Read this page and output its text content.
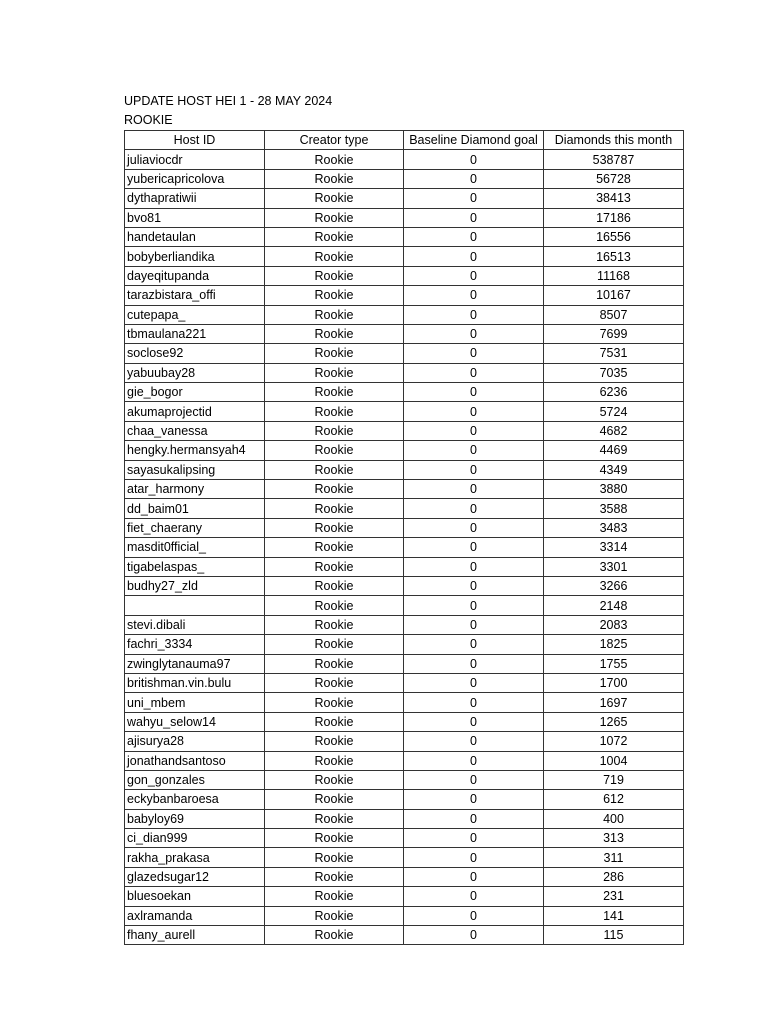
UPDATE HOST HEI 1 - 28 MAY 2024
ROOKIE
Host ID	Creator type	Baseline Diamond goal	Diamonds this month
juliaviocdr	Rookie	0	538787
yubericapricolova	Rookie	0	56728
dythapratiwii	Rookie	0	38413
bvo81	Rookie	0	17186
handetaulan	Rookie	0	16556
bobyberliandika	Rookie	0	16513
dayeqitupanda	Rookie	0	11168
tarazbistara_offi	Rookie	0	10167
cutepapa_	Rookie	0	8507
tbmaulana221	Rookie	0	7699
soclose92	Rookie	0	7531
yabuubay28	Rookie	0	7035
gie_bogor	Rookie	0	6236
akumaprojectid	Rookie	0	5724
chaa_vanessa	Rookie	0	4682
hengky.hermansyah4	Rookie	0	4469
sayasukalipsing	Rookie	0	4349
atar_harmony	Rookie	0	3880
dd_baim01	Rookie	0	3588
fiet_chaerany	Rookie	0	3483
masdit0fficial_	Rookie	0	3314
tigabelaspas_	Rookie	0	3301
budhy27_zld	Rookie	0	3266
	Rookie	0	2148
stevi.dibali	Rookie	0	2083
fachri_3334	Rookie	0	1825
zwinglytanauma97	Rookie	0	1755
britishman.vin.bulu	Rookie	0	1700
uni_mbem	Rookie	0	1697
wahyu_selow14	Rookie	0	1265
ajisurya28	Rookie	0	1072
jonathandsantoso	Rookie	0	1004
gon_gonzales	Rookie	0	719
eckybanbaroesa	Rookie	0	612
babyloy69	Rookie	0	400
ci_dian999	Rookie	0	313
rakha_prakasa	Rookie	0	311
glazedsugar12	Rookie	0	286
bluesoekan	Rookie	0	231
axlramanda	Rookie	0	141
fhany_aurell	Rookie	0	115
